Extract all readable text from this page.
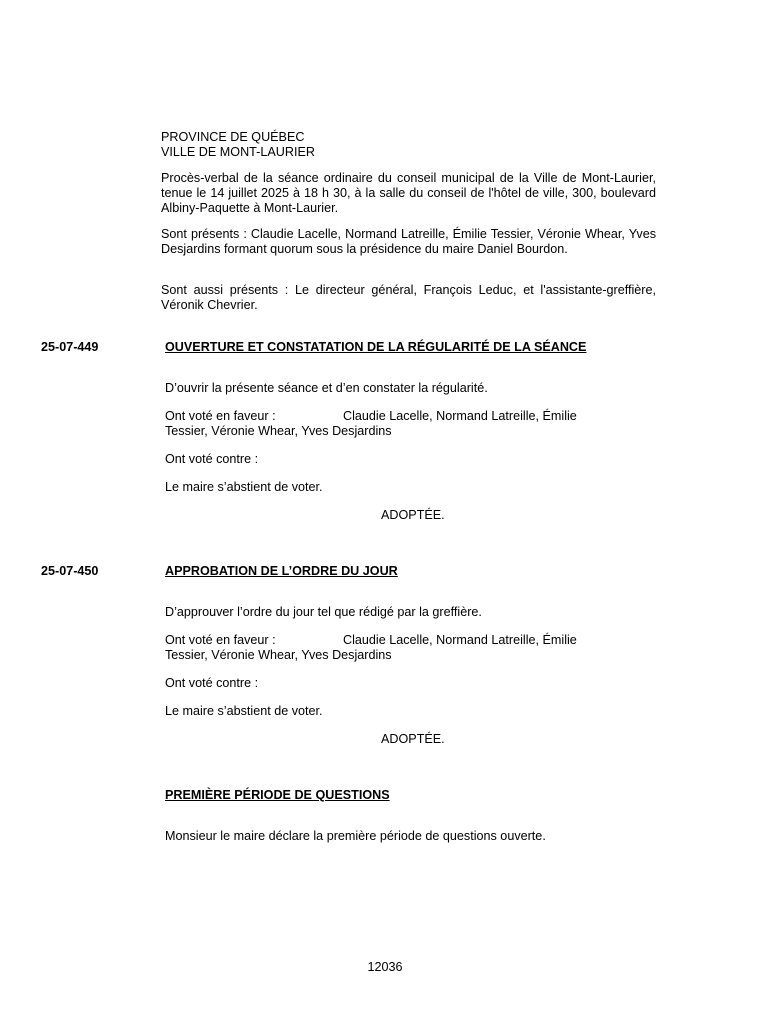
PROVINCE DE QUÉBEC
VILLE DE MONT-LAURIER
Procès-verbal de la séance ordinaire du conseil municipal de la Ville de Mont-Laurier, tenue le 14 juillet 2025 à 18 h 30, à la salle du conseil de l'hôtel de ville, 300, boulevard Albiny-Paquette à Mont-Laurier.
Sont présents : Claudie Lacelle, Normand Latreille, Émilie Tessier, Véronie Whear, Yves Desjardins formant quorum sous la présidence du maire Daniel Bourdon.
Sont aussi présents : Le directeur général, François Leduc, et l'assistante-greffière, Véronik Chevrier.
25-07-449	OUVERTURE ET CONSTATATION DE LA RÉGULARITÉ DE LA SÉANCE
D’ouvrir la présente séance et d’en constater la régularité.
Ont voté en faveur :	Claudie Lacelle, Normand Latreille, Émilie
Tessier, Véronie Whear, Yves Desjardins
Ont voté contre :
Le maire s’abstient de voter.
ADOPTÉE.
25-07-450	APPROBATION DE L’ORDRE DU JOUR
D’approuver l’ordre du jour tel que rédigé par la greffière.
Ont voté en faveur :	Claudie Lacelle, Normand Latreille, Émilie
Tessier, Véronie Whear, Yves Desjardins
Ont voté contre :
Le maire s’abstient de voter.
ADOPTÉE.
PREMIÈRE PÉRIODE DE QUESTIONS
Monsieur le maire déclare la première période de questions ouverte.
12036
